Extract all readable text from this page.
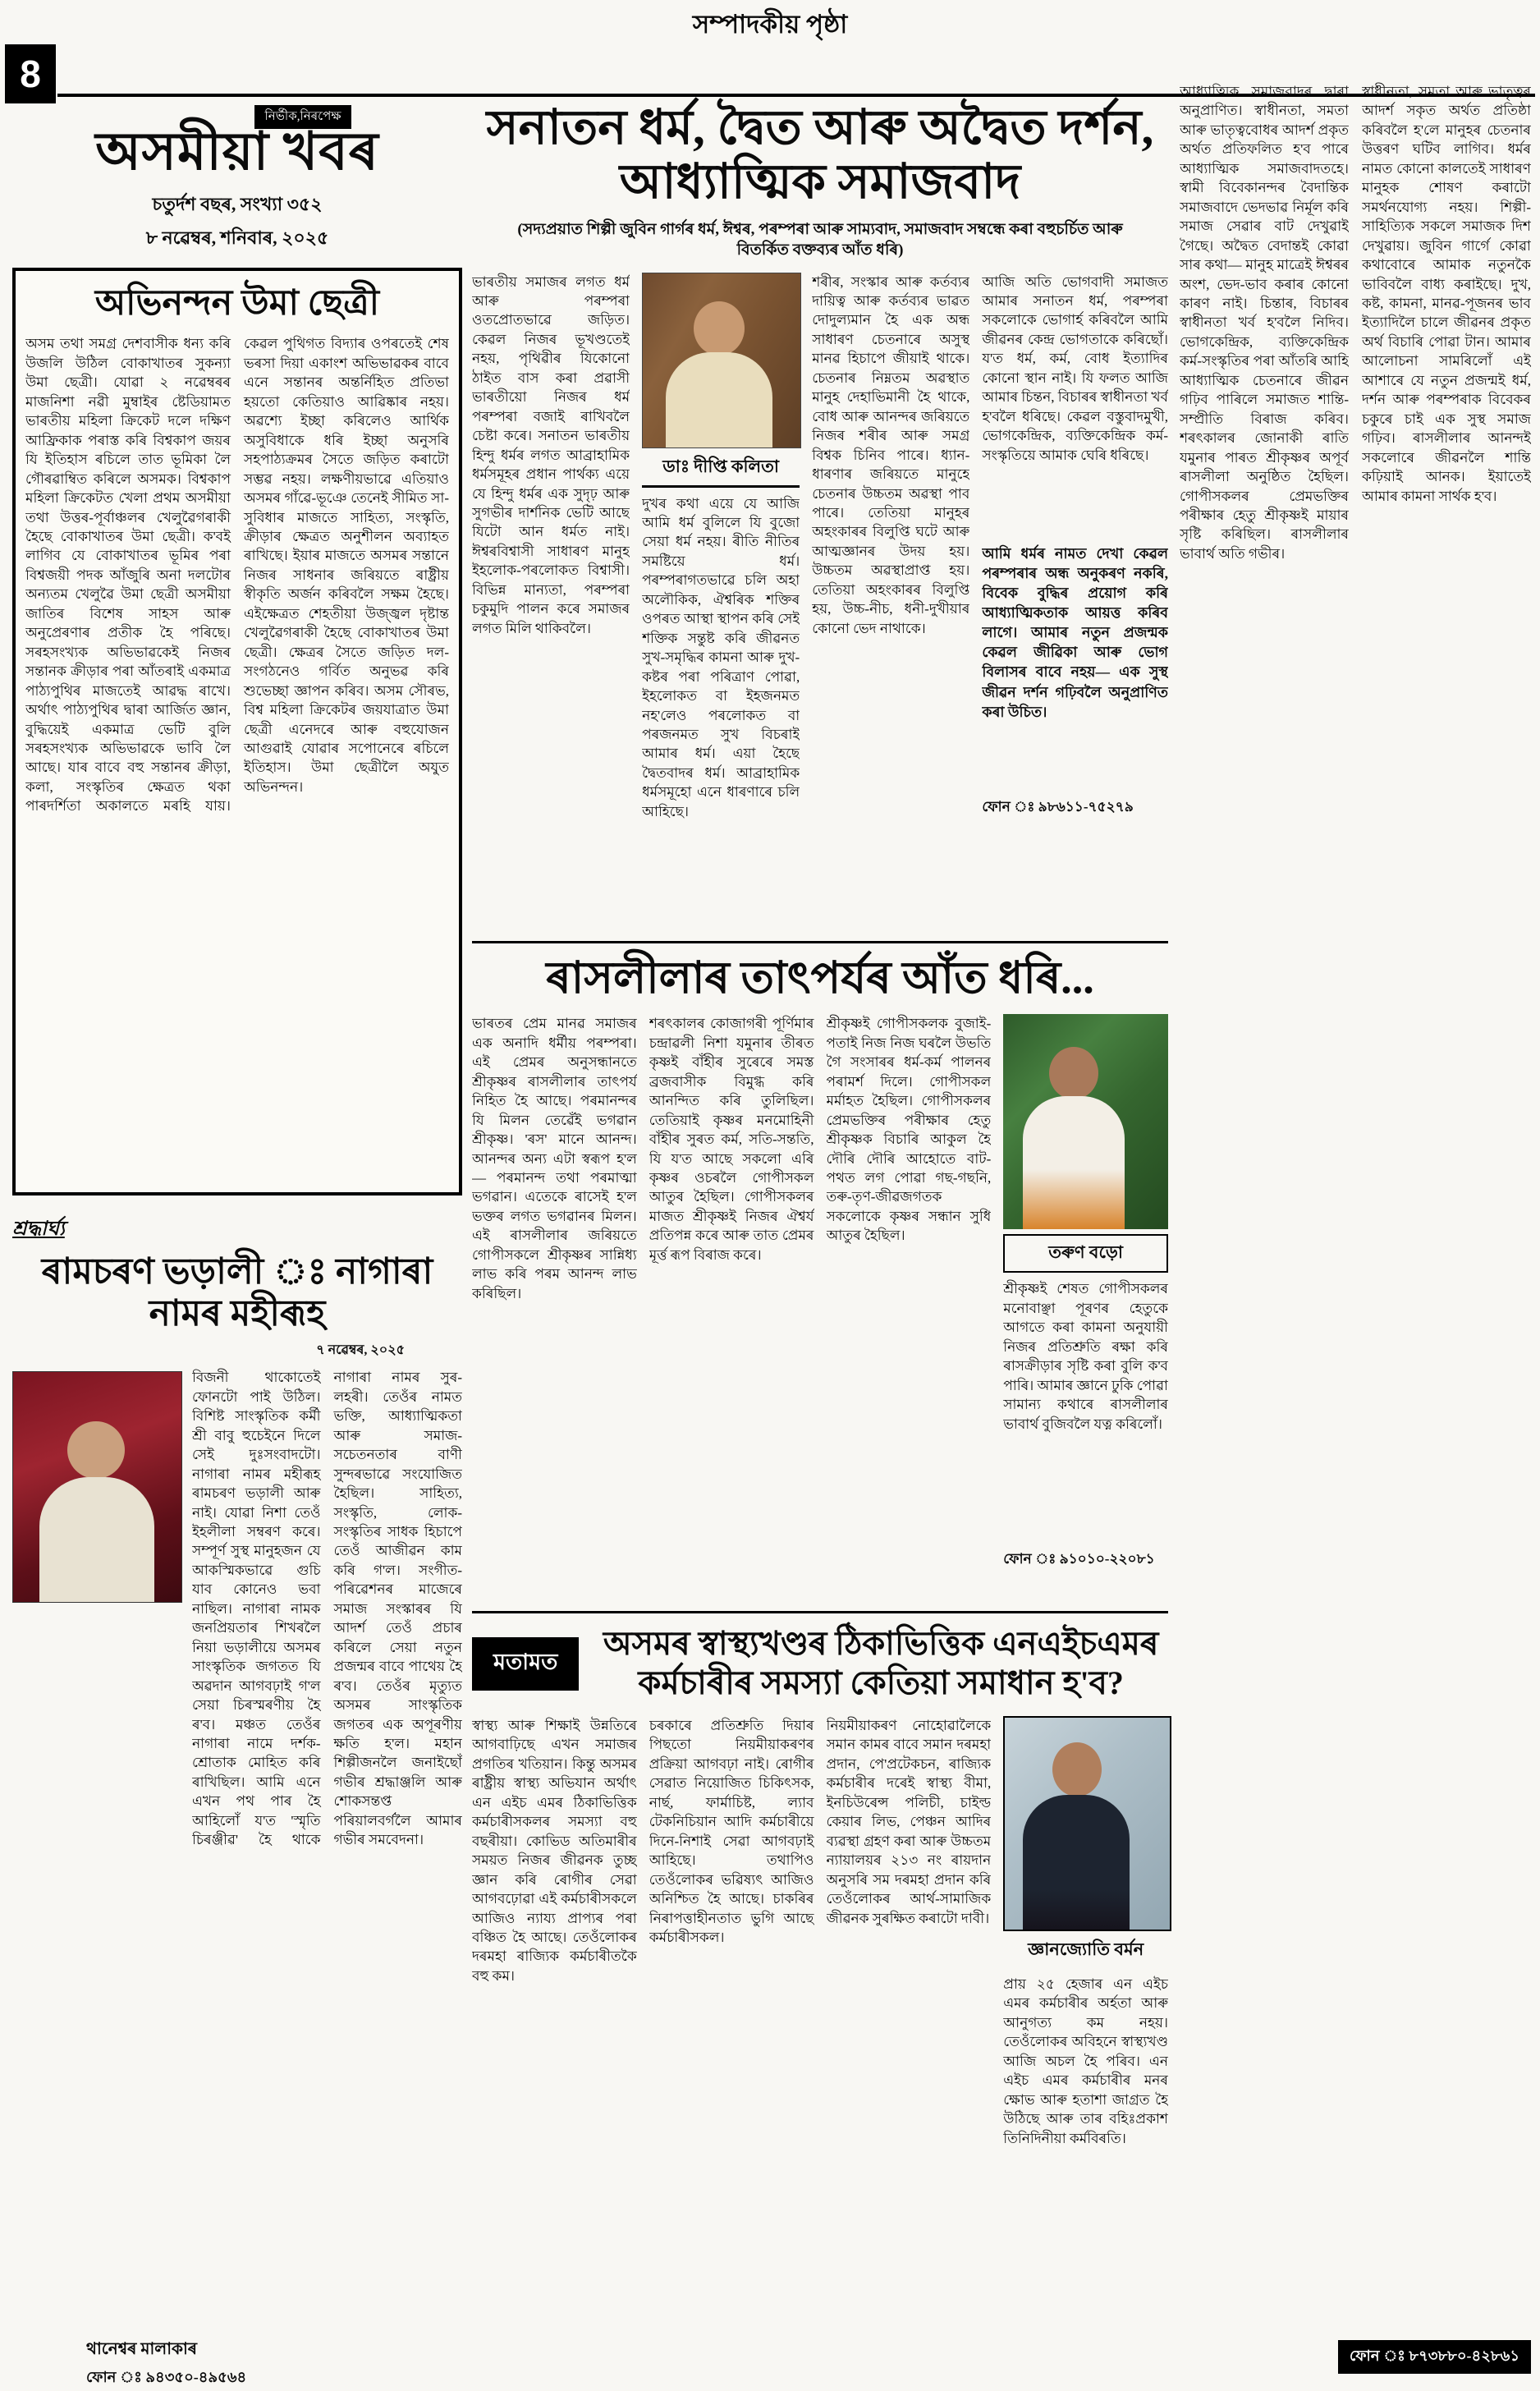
সম্পাদকীয় পৃষ্ঠা
8
নিৰ্ভীক,নিৰপেক্ষ
অসমীয়া খবৰ
চতুৰ্দশ বছৰ, সংখ্যা ৩৫২
৮ নৱেম্বৰ, শনিবাৰ, ২০২৫
অভিনন্দন উমা ছেত্ৰী
অসম তথা সমগ্ৰ দেশবাসীক ধন্য কৰি উজলি উঠিল বোকাখাতৰ সুকন্যা উমা ছেত্ৰী। যোৱা ২ নৱেম্বৰৰ মাজনিশা নৱী মুম্বাইৰ ষ্টেডিয়ামত ভাৰতীয় মহিলা ক্ৰিকেট দলে দক্ষিণ আফ্ৰিকাক পৰাস্ত কৰি বিশ্বকাপ জয়ৰ যি ইতিহাস ৰচিলে তাত ভূমিকা লৈ গৌৰৱাম্বিত কৰিলে অসমক। বিশ্বকাপ মহিলা ক্ৰিকেটত খেলা প্ৰথম অসমীয়া তথা উত্তৰ-পূৰ্বাঞ্চলৰ খেলুৱৈগৰাকী হৈছে বোকাখাতৰ উমা ছেত্ৰী। ক'বই লাগিব যে বোকাখাতৰ ভূমিৰ পৰা বিশ্বজয়ী পদক আঁজুৰি অনা দলটোৰ অন্যতম খেলুৱৈ উমা ছেত্ৰী অসমীয়া জাতিৰ বিশেষ সাহস আৰু অনুপ্ৰেৰণাৰ প্ৰতীক হৈ পৰিছে। সৰহসংখ্যক অভিভাৱকেই নিজৰ সন্তানক ক্ৰীড়াৰ পৰা আঁতৰাই একমাত্ৰ পাঠ্যপুথিৰ মাজতেই আৱদ্ধ ৰাখে। অৰ্থাৎ পাঠ্যপুথিৰ দ্বাৰা আৰ্জিত জ্ঞান, বুদ্ধিয়েই একমাত্ৰ ভেটি বুলি সৰহসংখ্যক অভিভাৱকে ভাবি লৈ আছে। যাৰ বাবে বহু সন্তানৰ ক্ৰীড়া, কলা, সংস্কৃতিৰ ক্ষেত্ৰত থকা পাৰদৰ্শিতা অকালতে মৰহি যায়। কেৱল পুথিগত বিদ্যাৰ ওপৰতেই শেষ ভৰসা দিয়া একাংশ অভিভাৱকৰ বাবে এনে সন্তানৰ অন্তৰ্নিহিত প্ৰতিভা হয়তো কেতিয়াও আৱিষ্কাৰ নহয়। অৱশ্যে ইচ্ছা কৰিলেও আৰ্থিক অসুবিধাকে ধৰি ইচ্ছা অনুসৰি সহপাঠ্যক্ৰমৰ সৈতে জড়িত কৰাটো সম্ভৱ নহয়। লক্ষণীয়ভাৱে এতিয়াও অসমৰ গাঁৱে-ভূঞে তেনেই সীমিত সা-সুবিধাৰ মাজতে সাহিত্য, সংস্কৃতি, ক্ৰীড়াৰ ক্ষেত্ৰত অনুশীলন অব্যাহত ৰাখিছে। ইয়াৰ মাজতে অসমৰ সন্তানে নিজৰ সাধনাৰ জৰিয়তে ৰাষ্ট্ৰীয় স্বীকৃতি অৰ্জন কৰিবলৈ সক্ষম হৈছে। এইক্ষেত্ৰত শেহতীয়া উজ্জ্বল দৃষ্টান্ত খেলুৱৈগৰাকী হৈছে বোকাখাতৰ উমা ছেত্ৰী। ক্ষেত্ৰৰ সৈতে জড়িত দল-সংগঠনেও গৰ্বিত অনুভৱ কৰি শুভেচ্ছা জ্ঞাপন কৰিব। অসম সৌৰভ, বিশ্ব মহিলা ক্ৰিকেটৰ জয়যাত্ৰাত উমা ছেত্ৰী এনেদৰে আৰু বহুযোজন আগুৱাই যোৱাৰ সপোনেৰে ৰচিলে ইতিহাস। উমা ছেত্ৰীলৈ অযুত অভিনন্দন।
শ্ৰদ্ধাৰ্ঘ্য
ৰামচৰণ ভড়ালী ঃ নাগাৰা নামৰ মহীৰূহ
৭ নৱেম্বৰ, ২০২৫
বিজনী থাকোতেই ফোনটো পাই উঠিল। বিশিষ্ট সাংস্কৃতিক কৰ্মী শ্ৰী বাবু হুচেইনে দিলে সেই দুঃসংবাদটো। নাগাৰা নামৰ মহীৰূহ ৰামচৰণ ভড়ালী আৰু নাই। যোৱা নিশা তেওঁ ইহলীলা সম্বৰণ কৰে। সম্পূৰ্ণ সুস্থ মানুহজন যে আকস্মিকভাৱে গুচি যাব কোনেও ভবা নাছিল। নাগাৰা নামক জনপ্ৰিয়তাৰ শিখৰলৈ নিয়া ভড়ালীয়ে অসমৰ সাংস্কৃতিক জগতত যি অৱদান আগবঢ়াই গ'ল সেয়া চিৰস্মৰণীয় হৈ ৰ'ব। মঞ্চত তেওঁৰ নাগাৰা নামে দৰ্শক-শ্ৰোতাক মোহিত কৰি ৰাখিছিল। আমি এনে এখন পথ পাৰ হৈ আহিলোঁ য'ত 'স্মৃতি চিৰঞ্জীৱ' হৈ থাকে নাগাৰা নামৰ সুৰ-লহৰী। তেওঁৰ নামত ভক্তি, আধ্যাত্মিকতা আৰু সমাজ-সচেতনতাৰ বাণী সুন্দৰভাৱে সংযোজিত হৈছিল। সাহিত্য, সংস্কৃতি, লোক-সংস্কৃতিৰ সাধক হিচাপে তেওঁ আজীৱন কাম কৰি গ'ল। সংগীত-পৰিৱেশনৰ মাজেৰে সমাজ সংস্কাৰৰ যি আদৰ্শ তেওঁ প্ৰচাৰ কৰিলে সেয়া নতুন প্ৰজন্মৰ বাবে পাথেয় হৈ ৰ'ব। তেওঁৰ মৃত্যুত অসমৰ সাংস্কৃতিক জগতৰ এক অপূৰণীয় ক্ষতি হ'ল। মহান শিল্পীজনলৈ জনাইছোঁ গভীৰ শ্ৰদ্ধাঞ্জলি আৰু শোকসন্তপ্ত পৰিয়ালবৰ্গলৈ আমাৰ গভীৰ সমবেদনা।
থানেশ্বৰ মালাকাৰ
ফোন ঃ ৯৪৩৫০-৪৯৫৬৪
সনাতন ধৰ্ম, দ্বৈত আৰু অদ্বৈত দৰ্শন, আধ্যাত্মিক সমাজবাদ
(সদ্যপ্ৰয়াত শিল্পী জুবিন গাৰ্গৰ ধৰ্ম, ঈশ্বৰ, পৰম্পৰা আৰু সাম্যবাদ, সমাজবাদ সম্বন্ধে কৰা বহুচৰ্চিত আৰু বিতৰ্কিত বক্তব্যৰ আঁত ধৰি)
ভাৰতীয় সমাজৰ লগত ধৰ্ম আৰু পৰম্পৰা ওতপ্ৰোতভাৱে জড়িত। কেৱল নিজৰ ভূখণ্ডতেই নহয়, পৃথিৱীৰ যিকোনো ঠাইত বাস কৰা প্ৰৱাসী ভাৰতীয়ো নিজৰ ধৰ্ম পৰম্পৰা বজাই ৰাখিবলৈ চেষ্টা কৰে। সনাতন ভাৰতীয় হিন্দু ধৰ্মৰ লগত আব্ৰাহামিক ধৰ্মসমূহৰ প্ৰধান পাৰ্থক্য এয়ে যে হিন্দু ধৰ্মৰ এক সুদৃঢ় আৰু সুগভীৰ দাৰ্শনিক ভেটি আছে যিটো আন ধৰ্মত নাই। ঈশ্বৰবিশ্বাসী সাধাৰণ মানুহ ইহলোক-পৰলোকত বিশ্বাসী। বিভিন্ন মান্যতা, পৰম্পৰা চকুমুদি পালন কৰে সমাজৰ লগত মিলি থাকিবলৈ।
ডাঃ দীপ্তি কলিতা
দুখৰ কথা এয়ে যে আজি আমি ধৰ্ম বুলিলে যি বুজো সেয়া ধৰ্ম নহয়। ৰীতি নীতিৰ সমষ্টিয়ে ধৰ্ম। পৰম্পৰাগতভাৱে চলি অহা অলৌকিক, ঐশ্বৰিক শক্তিৰ ওপৰত আস্থা স্থাপন কৰি সেই শক্তিক সন্তুষ্ট কৰি জীৱনত সুখ-সমৃদ্ধিৰ কামনা আৰু দুখ-কষ্টৰ পৰা পৰিত্ৰাণ পোৱা, ইহলোকত বা ইহজনমত নহ'লেও পৰলোকত বা পৰজনমত সুখ বিচৰাই আমাৰ ধৰ্ম। এয়া হৈছে দ্বৈতবাদৰ ধৰ্ম। আব্ৰাহামিক ধৰ্মসমূহো এনে ধাৰণাৰে চলি আহিছে।
শৰীৰ, সংস্কাৰ আৰু কৰ্তব্যৰ দায়িত্ব আৰু কৰ্তব্যৰ ভাৱত দোদুল্যমান হৈ এক অন্ধ সাধাৰণ চেতনাৰে অসুস্থ মানৱ হিচাপে জীয়াই থাকে। চেতনাৰ নিম্নতম অৱস্থাত মানুহ দেহাভিমানী হৈ থাকে, বোধ আৰু আনন্দৰ জৰিয়তে নিজৰ শৰীৰ আৰু সমগ্ৰ বিশ্বক চিনিব পাৰে। ধ্যান-ধাৰণাৰ জৰিয়তে মানুহে চেতনাৰ উচ্চতম অৱস্থা পাব পাৰে। তেতিয়া মানুহৰ অহংকাৰৰ বিলুপ্তি ঘটে আৰু আত্মজ্ঞানৰ উদয় হয়। উচ্চতম অৱস্থাপ্ৰাপ্ত হয়। তেতিয়া অহংকাৰৰ বিলুপ্তি হয়, উচ্চ-নীচ, ধনী-দুখীয়াৰ কোনো ভেদ নাথাকে।
আজি অতি ভোগবাদী সমাজত আমাৰ সনাতন ধৰ্ম, পৰম্পৰা সকলোকে ভোগাৰ্হ কৰিবলৈ আমি জীৱনৰ কেন্দ্ৰ ভোগতাকে কৰিছোঁ। য'ত ধৰ্ম, কৰ্ম, বোধ ইত্যাদিৰ কোনো স্থান নাই। যি ফলত আজি আমাৰ চিন্তন, বিচাৰৰ স্বাধীনতা খৰ্ব হ'বলৈ ধৰিছে। কেৱল বস্তুবাদমুখী, ভোগকেন্দ্ৰিক, ব্যক্তিকেন্দ্ৰিক কৰ্ম-সংস্কৃতিয়ে আমাক ঘেৰি ধৰিছে।
আমি ধৰ্মৰ নামত দেখা কেৱল পৰম্পৰাৰ অন্ধ অনুকৰণ নকৰি, বিবেক বুদ্ধিৰ প্ৰয়োগ কৰি আধ্যাত্মিকতাক আয়ত্ত কৰিব লাগে। আমাৰ নতুন প্ৰজন্মক কেৱল জীৱিকা আৰু ভোগ বিলাসৰ বাবে নহয়— এক সুস্থ জীৱন দৰ্শন গঢ়িবলৈ অনুপ্ৰাণিত কৰা উচিত।
ফোন ঃ ৯৮৬১১-৭৫২৭৯
ৰাসলীলাৰ তাৎপৰ্যৰ আঁত ধৰি...
ভাৰতৰ প্ৰেম মানৱ সমাজৰ এক অনাদি ধৰ্মীয় পৰম্পৰা। এই প্ৰেমৰ অনুসন্ধানতে শ্ৰীকৃষ্ণৰ ৰাসলীলাৰ তাৎপৰ্য নিহিত হৈ আছে। পৰমানন্দৰ যি মিলন তেৱেঁই ভগৱান শ্ৰীকৃষ্ণ। 'ৰস' মানে আনন্দ। আনন্দৰ অন্য এটা স্বৰূপ হ'ল— পৰমানন্দ তথা পৰমাত্মা ভগৱান। এতেকে ৰাসেই হ'ল ভক্তৰ লগত ভগৱানৰ মিলন। এই ৰাসলীলাৰ জৰিয়তে গোপীসকলে শ্ৰীকৃষ্ণৰ সান্নিধ্য লাভ কৰি পৰম আনন্দ লাভ কৰিছিল।
শৰৎকালৰ কোজাগৰী পূৰ্ণিমাৰ চন্দ্ৰাৱলী নিশা যমুনাৰ তীৰত কৃষ্ণই বাঁহীৰ সুৰেৰে সমস্ত ব্ৰজবাসীক বিমুগ্ধ কৰি আনন্দিত কৰি তুলিছিল। তেতিয়াই কৃষ্ণৰ মনমোহিনী বাঁহীৰ সুৰত কৰ্ম, সতি-সন্ততি, যি য'ত আছে সকলো এৰি কৃষ্ণৰ ওচৰলৈ গোপীসকল আতুৰ হৈছিল। গোপীসকলৰ মাজত শ্ৰীকৃষ্ণই নিজৰ ঐশ্বৰ্য প্ৰতিপন্ন কৰে আৰু তাত প্ৰেমৰ মূৰ্ত্ত ৰূপ বিৰাজ কৰে।
শ্ৰীকৃষ্ণই গোপীসকলক বুজাই-পতাই নিজ নিজ ঘৰলৈ উভতি গৈ সংসাৰৰ ধৰ্ম-কৰ্ম পালনৰ পৰামৰ্শ দিলে। গোপীসকল মৰ্মাহত হৈছিল। গোপীসকলৰ প্ৰেমভক্তিৰ পৰীক্ষাৰ হেতু শ্ৰীকৃষ্ণক বিচাৰি আকুল হৈ দৌৰি দৌৰি আহোতে বাট-পথত লগ পোৱা গছ-গছনি, তৰু-তৃণ-জীৱজগতক সকলোকে কৃষ্ণৰ সন্ধান সুধি আতুৰ হৈছিল।
তৰুণ বড়ো
শ্ৰীকৃষ্ণই শেষত গোপীসকলৰ মনোবাঞ্ছা পূৰণৰ হেতুকে আগতে কৰা কামনা অনুযায়ী নিজৰ প্ৰতিশ্ৰুতি ৰক্ষা কৰি ৰাসক্ৰীড়াৰ সৃষ্টি কৰা বুলি ক'ব পাৰি। আমাৰ জ্ঞানে ঢুকি পোৱা সামান্য কথাৰে ৰাসলীলাৰ ভাবাৰ্থ বুজিবলৈ যত্ন কৰিলোঁ।
ফোন ঃ ৯১০১০-২২০৮১
মতামত	অসমৰ স্বাস্থ্যখণ্ডৰ ঠিকাভিত্তিক এনএইচএমৰ কৰ্মচাৰীৰ সমস্যা কেতিয়া সমাধান হ'ব?
স্বাস্থ্য আৰু শিক্ষাই উন্নতিৰে আগবাঢ়িছে এখন সমাজৰ প্ৰগতিৰ খতিয়ান। কিন্তু অসমৰ ৰাষ্ট্ৰীয় স্বাস্থ্য অভিযান অৰ্থাৎ এন এইচ এমৰ ঠিকাভিত্তিক কৰ্মচাৰীসকলৰ সমস্যা বহু বছৰীয়া। কোভিড অতিমাৰীৰ সময়ত নিজৰ জীৱনক তুচ্ছ জ্ঞান কৰি ৰোগীৰ সেৱা আগবঢ়োৱা এই কৰ্মচাৰীসকলে আজিও ন্যায্য প্ৰাপ্যৰ পৰা বঞ্চিত হৈ আছে। তেওঁলোকৰ দৰমহা ৰাজ্যিক কৰ্মচাৰীতকৈ বহু কম।
চৰকাৰে প্ৰতিশ্ৰুতি দিয়াৰ পিছতো নিয়মীয়াকৰণৰ প্ৰক্ৰিয়া আগবঢ়া নাই। ৰোগীৰ সেৱাত নিয়োজিত চিকিৎসক, নাৰ্ছ, ফাৰ্মাচিষ্ট, ল্যাব টেকনিচিয়ান আদি কৰ্মচাৰীয়ে দিনে-নিশাই সেৱা আগবঢ়াই আহিছে। তথাপিও তেওঁলোকৰ ভৱিষ্যৎ আজিও অনিশ্চিত হৈ আছে। চাকৰিৰ নিৰাপত্তাহীনতাত ভুগি আছে কৰ্মচাৰীসকল।
নিয়মীয়াকৰণ নোহোৱালৈকে সমান কামৰ বাবে সমান দৰমহা প্ৰদান, পে'প্ৰটেকচন, ৰাজ্যিক কৰ্মচাৰীৰ দৰেই স্বাস্থ্য বীমা, ইনচিউৰেন্স পলিচী, চাইল্ড কেয়াৰ লিভ, পেঞ্চন আদিৰ ব্যৱস্থা গ্ৰহণ কৰা আৰু উচ্চতম ন্যায়ালয়ৰ ২১৩ নং ৰায়দান অনুসৰি সম দৰমহা প্ৰদান কৰি তেওঁলোকৰ আৰ্থ-সামাজিক জীৱনক সুৰক্ষিত কৰাটো দাবী।
জ্ঞানজ্যোতি বৰ্মন
প্ৰায় ২৫ হেজাৰ এন এইচ এমৰ কৰ্মচাৰীৰ অৰ্হতা আৰু আনুগত্য কম নহয়। তেওঁলোকৰ অবিহনে স্বাস্থ্যখণ্ড আজি অচল হৈ পৰিব। এন এইচ এমৰ কৰ্মচাৰীৰ মনৰ ক্ষোভ আৰু হতাশা জাগ্ৰত হৈ উঠিছে আৰু তাৰ বহিঃপ্ৰকাশ তিনিদিনীয়া কৰ্মবিৰতি।
আধ্যাত্মিক সমাজবাদৰ দ্বাৰা অনুপ্ৰাণিত। স্বাধীনতা, সমতা আৰু ভাতৃত্ববোধৰ আদৰ্শ প্ৰকৃত অৰ্থত প্ৰতিফলিত হ'ব পাৰে আধ্যাত্মিক সমাজবাদতহে। স্বামী বিবেকানন্দৰ বৈদান্তিক সমাজবাদে ভেদভাৱ নিৰ্মূল কৰি সমাজ সেৱাৰ বাট দেখুৱাই গৈছে। অদ্বৈত বেদান্তই কোৱা সাৰ কথা— মানুহ মাত্ৰেই ঈশ্বৰৰ অংশ, ভেদ-ভাব কৰাৰ কোনো কাৰণ নাই। চিন্তাৰ, বিচাৰৰ স্বাধীনতা খৰ্ব হ'বলৈ নিদিব। ভোগকেন্দ্ৰিক, ব্যক্তিকেন্দ্ৰিক কৰ্ম-সংস্কৃতিৰ পৰা আঁতৰি আহি আধ্যাত্মিক চেতনাৰে জীৱন গঢ়িব পাৰিলে সমাজত শান্তি-সম্প্ৰীতি বিৰাজ কৰিব। শৰৎকালৰ জোনাকী ৰাতি যমুনাৰ পাৰত শ্ৰীকৃষ্ণৰ অপূৰ্ব ৰাসলীলা অনুষ্ঠিত হৈছিল। গোপীসকলৰ প্ৰেমভক্তিৰ পৰীক্ষাৰ হেতু শ্ৰীকৃষ্ণই মায়াৰ সৃষ্টি কৰিছিল। ৰাসলীলাৰ ভাবাৰ্থ অতি গভীৰ।
স্বাধীনতা, সমতা আৰু ভাতৃত্বৰ আদৰ্শ সকৃত অৰ্থত প্ৰতিষ্ঠা কৰিবলৈ হ'লে মানুহৰ চেতনাৰ উত্তৰণ ঘটিব লাগিব। ধৰ্মৰ নামত কোনো কালতেই সাধাৰণ মানুহক শোষণ কৰাটো সমৰ্থনযোগ্য নহয়। শিল্পী-সাহিত্যিক সকলে সমাজক দিশ দেখুৱায়। জুবিন গাৰ্গে কোৱা কথাবোৰে আমাক নতুনকৈ ভাবিবলৈ বাধ্য কৰাইছে। দুখ, কষ্ট, কামনা, মানৱ-পূজনৰ ভাব ইত্যাদিলৈ চালে জীৱনৰ প্ৰকৃত অৰ্থ বিচাৰি পোৱা টান। আমাৰ আলোচনা সামৰিলোঁ এই আশাৰে যে নতুন প্ৰজন্মই ধৰ্ম, দৰ্শন আৰু পৰম্পৰাক বিবেকৰ চকুৰে চাই এক সুস্থ সমাজ গঢ়িব। ৰাসলীলাৰ আনন্দই সকলোৰে জীৱনলৈ শান্তি কঢ়িয়াই আনক। ইয়াতেই আমাৰ কামনা সাৰ্থক হ'ব।
ফোন ঃ ৮৭৩৮৮০-৪২৮৬১
